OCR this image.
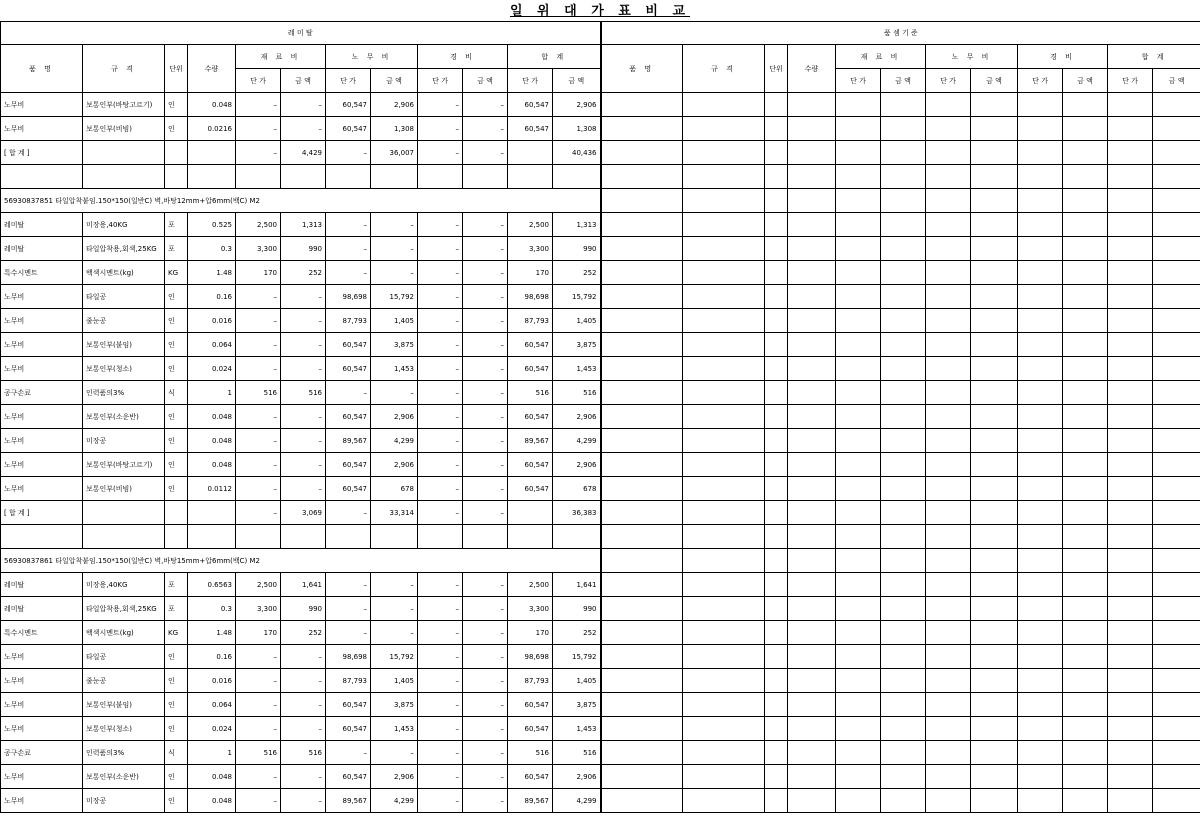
일 위 대 가 표 비 교
레 미 탈												품 셈 기 준											
품 명	규 격	단위	수량	재 료 비		노 무 비		경 비		합 계		품 명	규 격	단위	수량	재 료 비		노 무 비		경 비		합 계	
				단 가	금 액	단 가	금 액	단 가	금 액	단 가	금 액					단 가	금 액	단 가	금 액	단 가	금 액	단 가	금 액
노무비	보통인부(바탕고르기)	인	0.048	–	–	60,547	2,906	–	–	60,547	2,906												
노무비	보통인부(비빔)	인	0.0216	–	–	60,547	1,308	–	–	60,547	1,308												
[ 합 계 ]				–	4,429	–	36,007	–	–		40,436												

56930837851 타일압착붙임.150*150(일반C) 벽,바탕12mm+압6mm(백C) M2																							
레미탈	미장용,40KG	포	0.525	2,500	1,313	–	–	–	–	2,500	1,313												
레미탈	타일압착용,회색,25KG	포	0.3	3,300	990	–	–	–	–	3,300	990												
특수시멘트	백색시멘트(kg)	KG	1.48	170	252	–	–	–	–	170	252												
노무비	타일공	인	0.16	–	–	98,698	15,792	–	–	98,698	15,792												
노무비	줄눈공	인	0.016	–	–	87,793	1,405	–	–	87,793	1,405												
노무비	보통인부(붙임)	인	0.064	–	–	60,547	3,875	–	–	60,547	3,875												
노무비	보통인부(청소)	인	0.024	–	–	60,547	1,453	–	–	60,547	1,453												
공구손료	인력품의3%	식	1	516	516	–	–	–	–	516	516												
노무비	보통인부(소운반)	인	0.048	–	–	60,547	2,906	–	–	60,547	2,906												
노무비	미장공	인	0.048	–	–	89,567	4,299	–	–	89,567	4,299												
노무비	보통인부(바탕고르기)	인	0.048	–	–	60,547	2,906	–	–	60,547	2,906												
노무비	보통인부(비빔)	인	0.0112	–	–	60,547	678	–	–	60,547	678												
[ 합 계 ]				–	3,069	–	33,314	–	–		36,383												

56930837861 타일압착붙임.150*150(일반C) 벽,바탕15mm+압6mm(백C) M2																							
레미탈	미장용,40KG	포	0.6563	2,500	1,641	–	–	–	–	2,500	1,641												
레미탈	타일압착용,회색,25KG	포	0.3	3,300	990	–	–	–	–	3,300	990												
특수시멘트	백색시멘트(kg)	KG	1.48	170	252	–	–	–	–	170	252												
노무비	타일공	인	0.16	–	–	98,698	15,792	–	–	98,698	15,792												
노무비	줄눈공	인	0.016	–	–	87,793	1,405	–	–	87,793	1,405												
노무비	보통인부(붙임)	인	0.064	–	–	60,547	3,875	–	–	60,547	3,875												
노무비	보통인부(청소)	인	0.024	–	–	60,547	1,453	–	–	60,547	1,453												
공구손료	인력품의3%	식	1	516	516	–	–	–	–	516	516												
노무비	보통인부(소운반)	인	0.048	–	–	60,547	2,906	–	–	60,547	2,906												
노무비	미장공	인	0.048	–	–	89,567	4,299	–	–	89,567	4,299												
